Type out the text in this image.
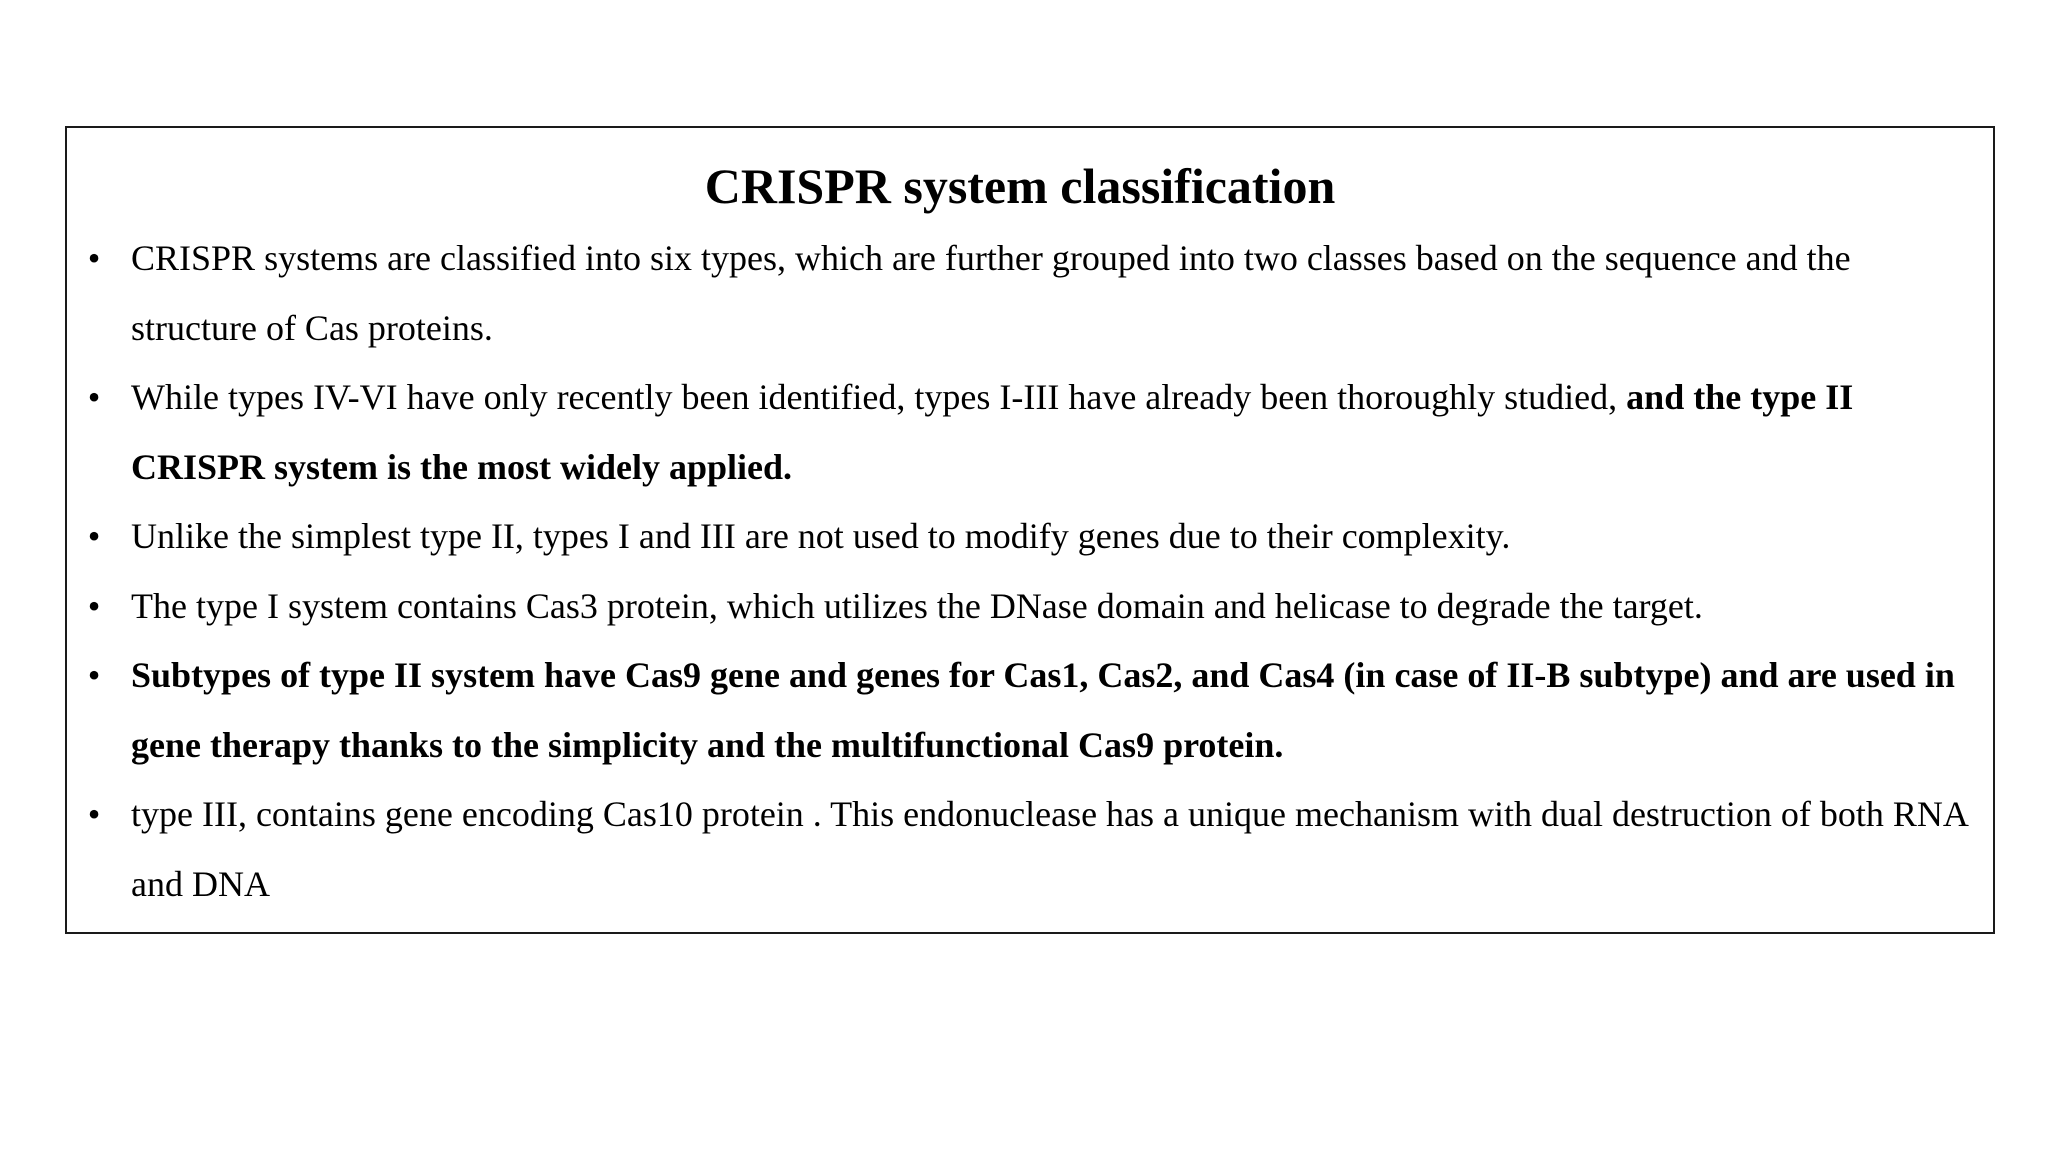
CRISPR system classification
• CRISPR systems are classified into six types, which are further grouped into two classes based on the sequence and the structure of Cas proteins.
• While types IV-VI have only recently been identified, types I-III have already been thoroughly studied, and the type II CRISPR system is the most widely applied.
• Unlike the simplest type II, types I and III are not used to modify genes due to their complexity.
• The type I system contains Cas3 protein, which utilizes the DNase domain and helicase to degrade the target.
• Subtypes of type II system have Cas9 gene and genes for Cas1, Cas2, and Cas4 (in case of II-B subtype) and are used in gene therapy thanks to the simplicity and the multifunctional Cas9 protein.
• type III, contains gene encoding Cas10 protein . This endonuclease has a unique mechanism with dual destruction of both RNA and DNA
